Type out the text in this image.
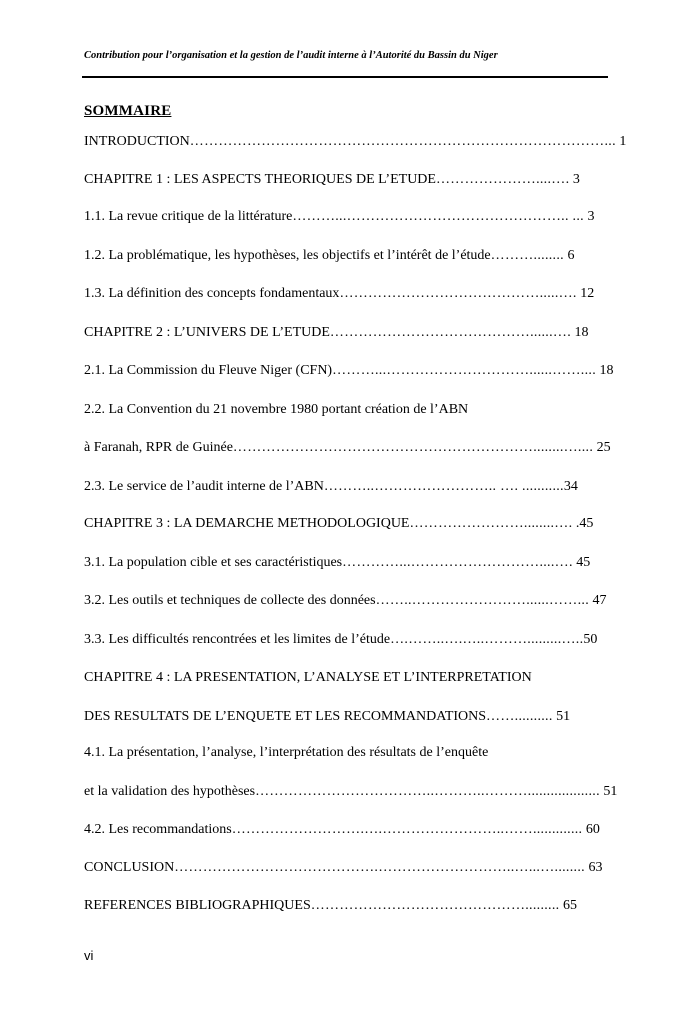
Contribution pour l’organisation et la gestion de l’audit interne à l’Autorité du Bassin du Niger
SOMMAIRE
INTRODUCTION……………………………………………………………………………... 1
CHAPITRE 1 : LES ASPECTS THEORIQUES DE L’ETUDE…………………....…. 3
1.1. La revue critique de la littérature………...……………………………………….. ... 3
1.2. La problématique, les hypothèses, les objectifs et l’intérêt de l’étude………........ 6
1.3. La définition des concepts fondamentaux…………………………………….....…. 12
CHAPITRE 2 : L’UNIVERS DE L’ETUDE……………………………………......…. 18
2.1. La Commission du Fleuve Niger (CFN)………...…………………………......…….... 18
2.2. La Convention du 21 novembre 1980 portant création de l’ABN
à Faranah, RPR de Guinée………………………………………………………........….... 25
2.3. Le service de l’audit interne de l’ABN………..…………………….. …. ...........34
CHAPITRE 3 : LA DEMARCHE METHODOLOGIQUE……………………........…. .45
3.1. La population cible et ses caractéristiques…………...………………………....…. 45
3.2. Les outils et techniques de collecte des données……..……………………......……... 47
3.3. Les difficultés rencontrées et les limites de l’étude….……..….…..……….........…..50
CHAPITRE 4 : LA PRESENTATION, L’ANALYSE ET L’INTERPRETATION
DES RESULTATS DE L’ENQUETE ET LES RECOMMANDATIONS…….......... 51
4.1. La présentation, l’analyse, l’interprétation des résultats de l’enquête
et la validation des hypothèses………………………………..………..………................... 51
4.2. Les recommandations……………………….….……………………..……............. 60
CONCLUSION…………………………………….………………………..…...…........ 63
REFERENCES BIBLIOGRAPHIQUES………………………………………......... 65
vi
